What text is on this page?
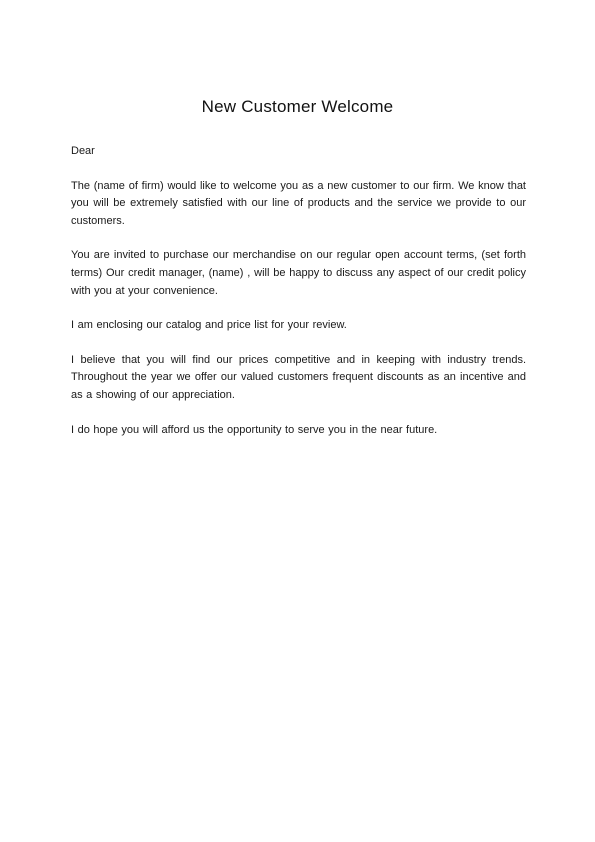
New Customer Welcome

Dear

The (name of firm) would like to welcome you as a new customer to our firm. We know that you will be extremely satisfied with our line of products and the service we provide to our customers.

You are invited to purchase our merchandise on our regular open account terms, (set forth terms) Our credit manager, (name) , will be happy to discuss any aspect of our credit policy with you at your convenience.

I am enclosing our catalog and price list for your review.

I believe that you will find our prices competitive and in keeping with industry trends. Throughout the year we offer our valued customers frequent discounts as an incentive and as a showing of our appreciation.

I do hope you will afford us the opportunity to serve you in the near future.
